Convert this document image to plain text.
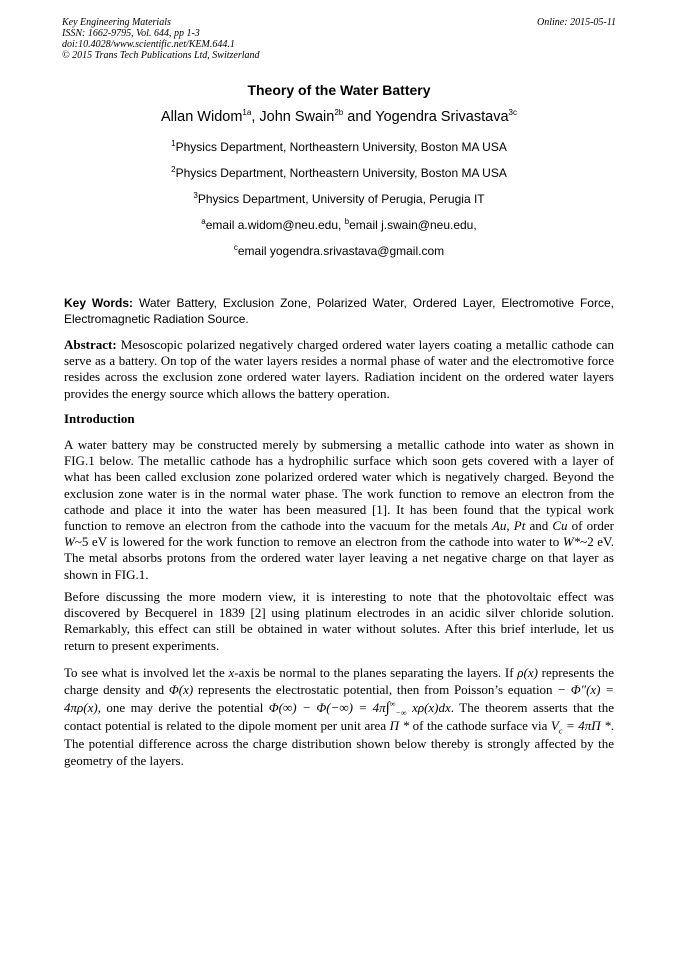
Key Engineering Materials
ISSN: 1662-9795, Vol. 644, pp 1-3
doi:10.4028/www.scientific.net/KEM.644.1
© 2015 Trans Tech Publications Ltd, Switzerland
Online: 2015-05-11
Theory of the Water Battery
Allan Widom$^{1a}$, John Swain$^{2b}$ and Yogendra Srivastava$^{3c}$
$^1$Physics Department, Northeastern University, Boston MA USA
$^2$Physics Department, Northeastern University, Boston MA USA
$^3$Physics Department, University of Perugia, Perugia IT
$^a$email a.widom@neu.edu, $^b$email j.swain@neu.edu,
$^c$email yogendra.srivastava@gmail.com
Key Words: Water Battery, Exclusion Zone, Polarized Water, Ordered Layer, Electromotive Force, Electromagnetic Radiation Source.
Abstract: Mesoscopic polarized negatively charged ordered water layers coating a metallic cathode can serve as a battery. On top of the water layers resides a normal phase of water and the electromotive force resides across the exclusion zone ordered water layers. Radiation incident on the ordered water layers provides the energy source which allows the battery operation.
Introduction
A water battery may be constructed merely by submersing a metallic cathode into water as shown in FIG.1 below. The metallic cathode has a hydrophilic surface which soon gets covered with a layer of what has been called exclusion zone polarized ordered water which is negatively charged. Beyond the exclusion zone water is in the normal water phase. The work function to remove an electron from the cathode and place it into the water has been measured [1]. It has been found that the typical work function to remove an electron from the cathode into the vacuum for the metals Au, Pt and Cu of order W~5 eV is lowered for the work function to remove an electron from the cathode into water to W*~2 eV. The metal absorbs protons from the ordered water layer leaving a net negative charge on that layer as shown in FIG.1.
Before discussing the more modern view, it is interesting to note that the photovoltaic effect was discovered by Becquerel in 1839 [2] using platinum electrodes in an acidic silver chloride solution. Remarkably, this effect can still be obtained in water without solutes. After this brief interlude, let us return to present experiments.
To see what is involved let the x-axis be normal to the planes separating the layers. If ρ(x) represents the charge density and Φ(x) represents the electrostatic potential, then from Poisson’s equation − Φ″(x) = 4πρ(x), one may derive the potential $\Phi(\infty) - \Phi(-\infty) = 4\pi\int^\infty_{-\infty}$ xρ(x)dx. The theorem asserts that the contact potential is related to the dipole moment per unit area Π * of the cathode surface via $V_c = 4\pi\Pi$ *. The potential difference across the charge distribution shown below thereby is strongly affected by the geometry of the layers.
